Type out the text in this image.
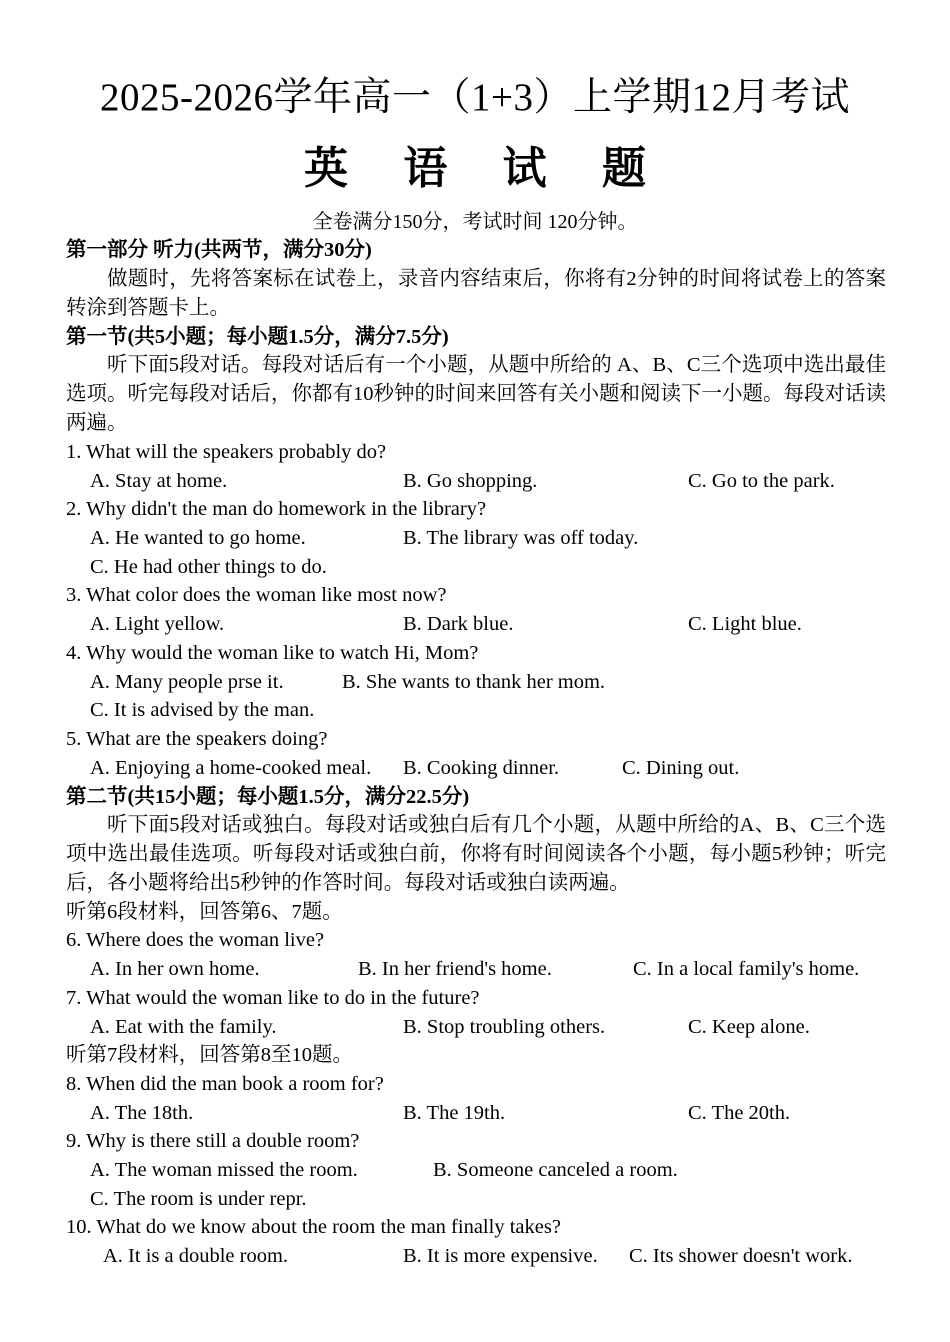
2025-2026学年高一（1+3）上学期12月考试
英 语 试 题
全卷满分150分，考试时间 120分钟。
第一部分 听力(共两节，满分30分)
做题时，先将答案标在试卷上，录音内容结束后，你将有2分钟的时间将试卷上的答案转涂到答题卡上。
第一节(共5小题；每小题1.5分，满分7.5分)
听下面5段对话。每段对话后有一个小题，从题中所给的 A、B、C三个选项中选出最佳选项。听完每段对话后，你都有10秒钟的时间来回答有关小题和阅读下一小题。每段对话读两遍。
1. What will the speakers probably do?
A. Stay at home.	B. Go shopping.	C. Go to the park.
2. Why didn't the man do homework in the library?
A. He wanted to go home.	B. The library was off today.
C. He had other things to do.
3. What color does the woman like most now?
A. Light yellow.	B. Dark blue.	C. Light blue.
4. Why would the woman like to watch Hi, Mom?
A. Many people prse it.	B. She wants to thank her mom.
C. It is advised by the man.
5. What are the speakers doing?
A. Enjoying a home-cooked meal. B. Cooking dinner.	C. Dining out.
第二节(共15小题；每小题1.5分，满分22.5分)
听下面5段对话或独白。每段对话或独白后有几个小题，从题中所给的A、B、C三个选项中选出最佳选项。听每段对话或独白前，你将有时间阅读各个小题，每小题5秒钟；听完后，各小题将给出5秒钟的作答时间。每段对话或独白读两遍。
听第6段材料，回答第6、7题。
6. Where does the woman live?
A. In her own home.	B. In her friend's home.	C. In a local family's home.
7. What would the woman like to do in the future?
A. Eat with the family.	B. Stop troubling others.	C. Keep alone.
听第7段材料，回答第8至10题。
8. When did the man book a room for?
A. The 18th.	B. The 19th.	C. The 20th.
9. Why is there still a double room?
A. The woman missed the room.	B. Someone canceled a room.
C. The room is under repr.
10. What do we know about the room the man finally takes?
A. It is a double room.	B. It is more expensive. C. Its shower doesn't work.
